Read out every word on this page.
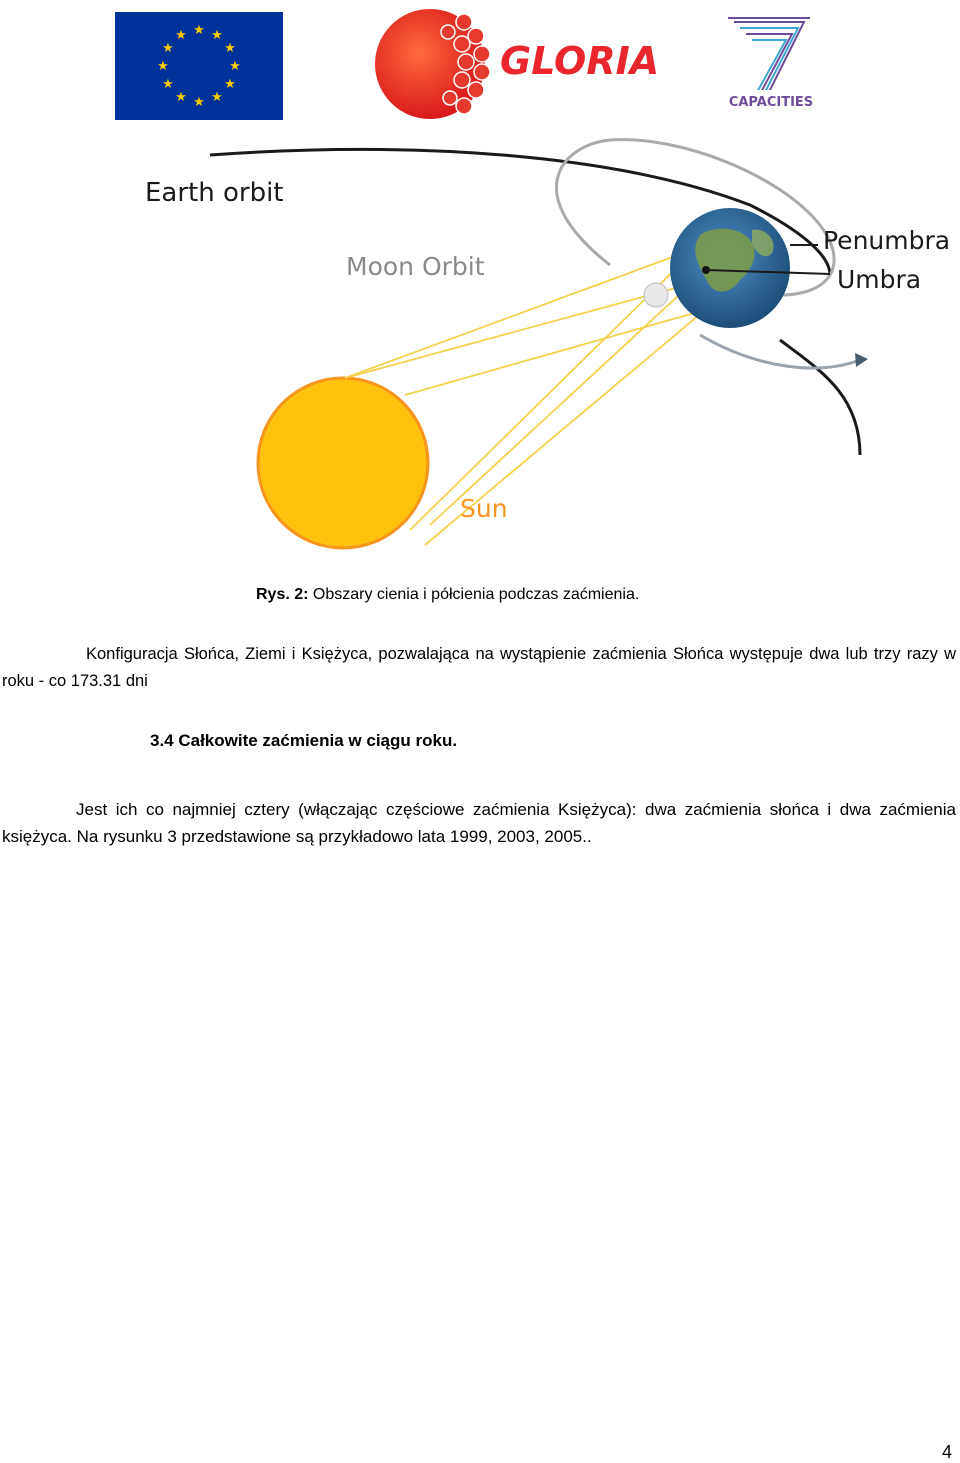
★ ★
★
★
★
★
★
★
★
★
★
★
GLORIA
CAPACITIES
Earth orbit
Moon Orbit
Penumbra
Umbra
Sun
Rys. 2: Obszary cienia i półcienia podczas zaćmienia.
Konfiguracja Słońca, Ziemi i Księżyca, pozwalająca na wystąpienie zaćmienia Słońca występuje dwa lub trzy razy w roku - co 173.31 dni
3.4 Całkowite zaćmienia w ciągu roku.
Jest ich co najmniej cztery (włączając częściowe zaćmienia Księżyca): dwa zaćmienia słońca i dwa zaćmienia księżyca. Na rysunku 3 przedstawione są przykładowo lata 1999, 2003, 2005..
4
